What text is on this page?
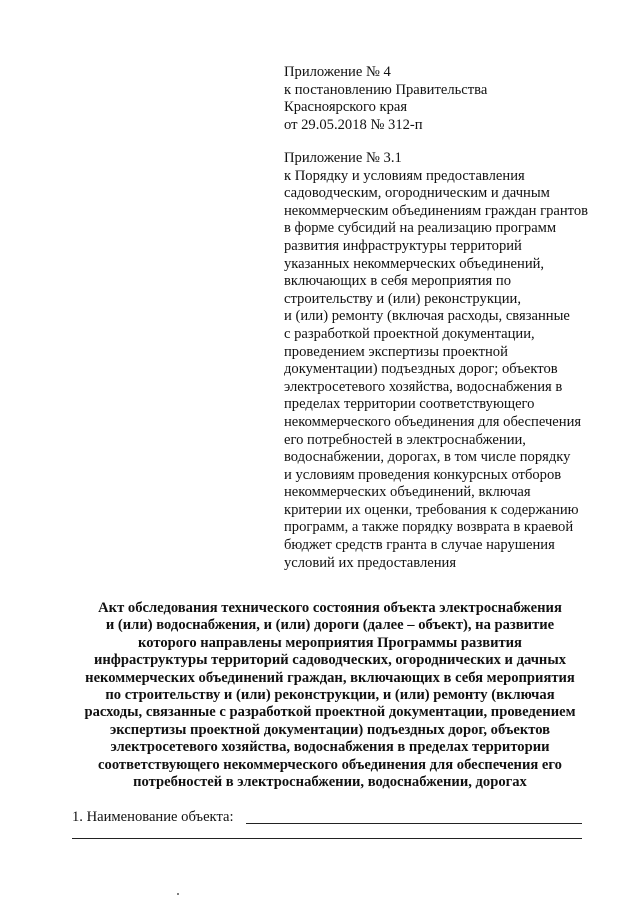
Приложение № 4
к постановлению Правительства
Красноярского края
от 29.05.2018 № 312-п
Приложение № 3.1
к Порядку и условиям предоставления
садоводческим, огородническим и дачным
некоммерческим объединениям граждан грантов
в форме субсидий на реализацию программ
развития инфраструктуры территорий
указанных некоммерческих объединений,
включающих в себя мероприятия по
строительству и (или) реконструкции,
и (или) ремонту (включая расходы, связанные
с разработкой проектной документации,
проведением экспертизы проектной
документации) подъездных дорог; объектов
электросетевого хозяйства, водоснабжения в
пределах территории соответствующего
некоммерческого объединения для обеспечения
его потребностей в электроснабжении,
водоснабжении, дорогах, в том числе порядку
и условиям проведения конкурсных отборов
некоммерческих объединений, включая
критерии их оценки, требования к содержанию
программ, а также порядку возврата в краевой
бюджет средств гранта в случае нарушения
условий их предоставления
Акт обследования технического состояния объекта электроснабжения
и (или) водоснабжения, и (или) дороги (далее – объект), на развитие
которого направлены мероприятия Программы развития
инфраструктуры территорий садоводческих, огороднических и дачных
некоммерческих объединений граждан, включающих в себя мероприятия
по строительству и (или) реконструкции, и (или) ремонту (включая
расходы, связанные с разработкой проектной документации, проведением
экспертизы проектной документации) подъездных дорог, объектов
электросетевого хозяйства, водоснабжения в пределах территории
соответствующего некоммерческого объединения для обеспечения его
потребностей в электроснабжении, водоснабжении, дорогах
1. Наименование объекта:
